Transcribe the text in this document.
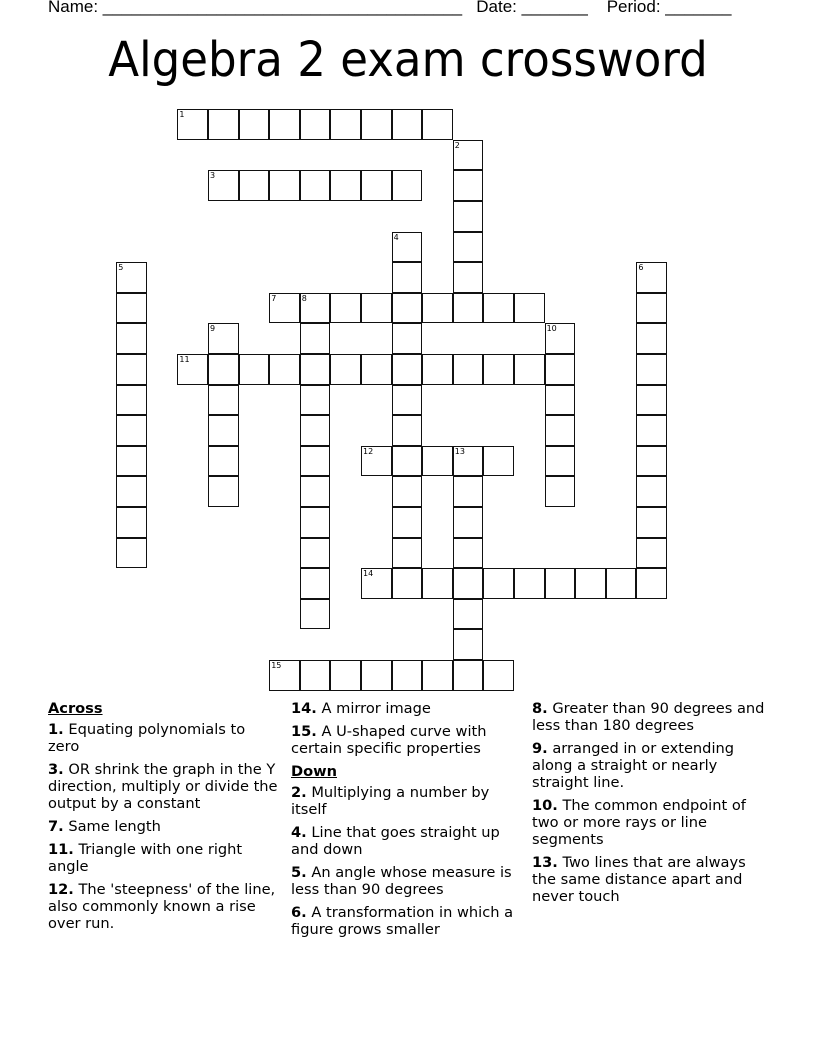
Name: ______________________________________ Date: _______ Period: _______
Algebra 2 exam crossword
1
2
3
4
5	6
7	8
9	10
11
12	13
14
15
Across
1. Equating polynomials to zero
3. OR shrink the graph in the Y direction, multiply or divide the output by a constant
7. Same length
11. Triangle with one right angle
12. The 'steepness' of the line, also commonly known a rise over run.
14. A mirror image
15. A U-shaped curve with certain specific properties
Down
2. Multiplying a number by itself
4. Line that goes straight up and down
5. An angle whose measure is less than 90 degrees
6. A transformation in which a figure grows smaller
8. Greater than 90 degrees and less than 180 degrees
9. arranged in or extending along a straight or nearly straight line.
10. The common endpoint of two or more rays or line segments
13. Two lines that are always the same distance apart and never touch
